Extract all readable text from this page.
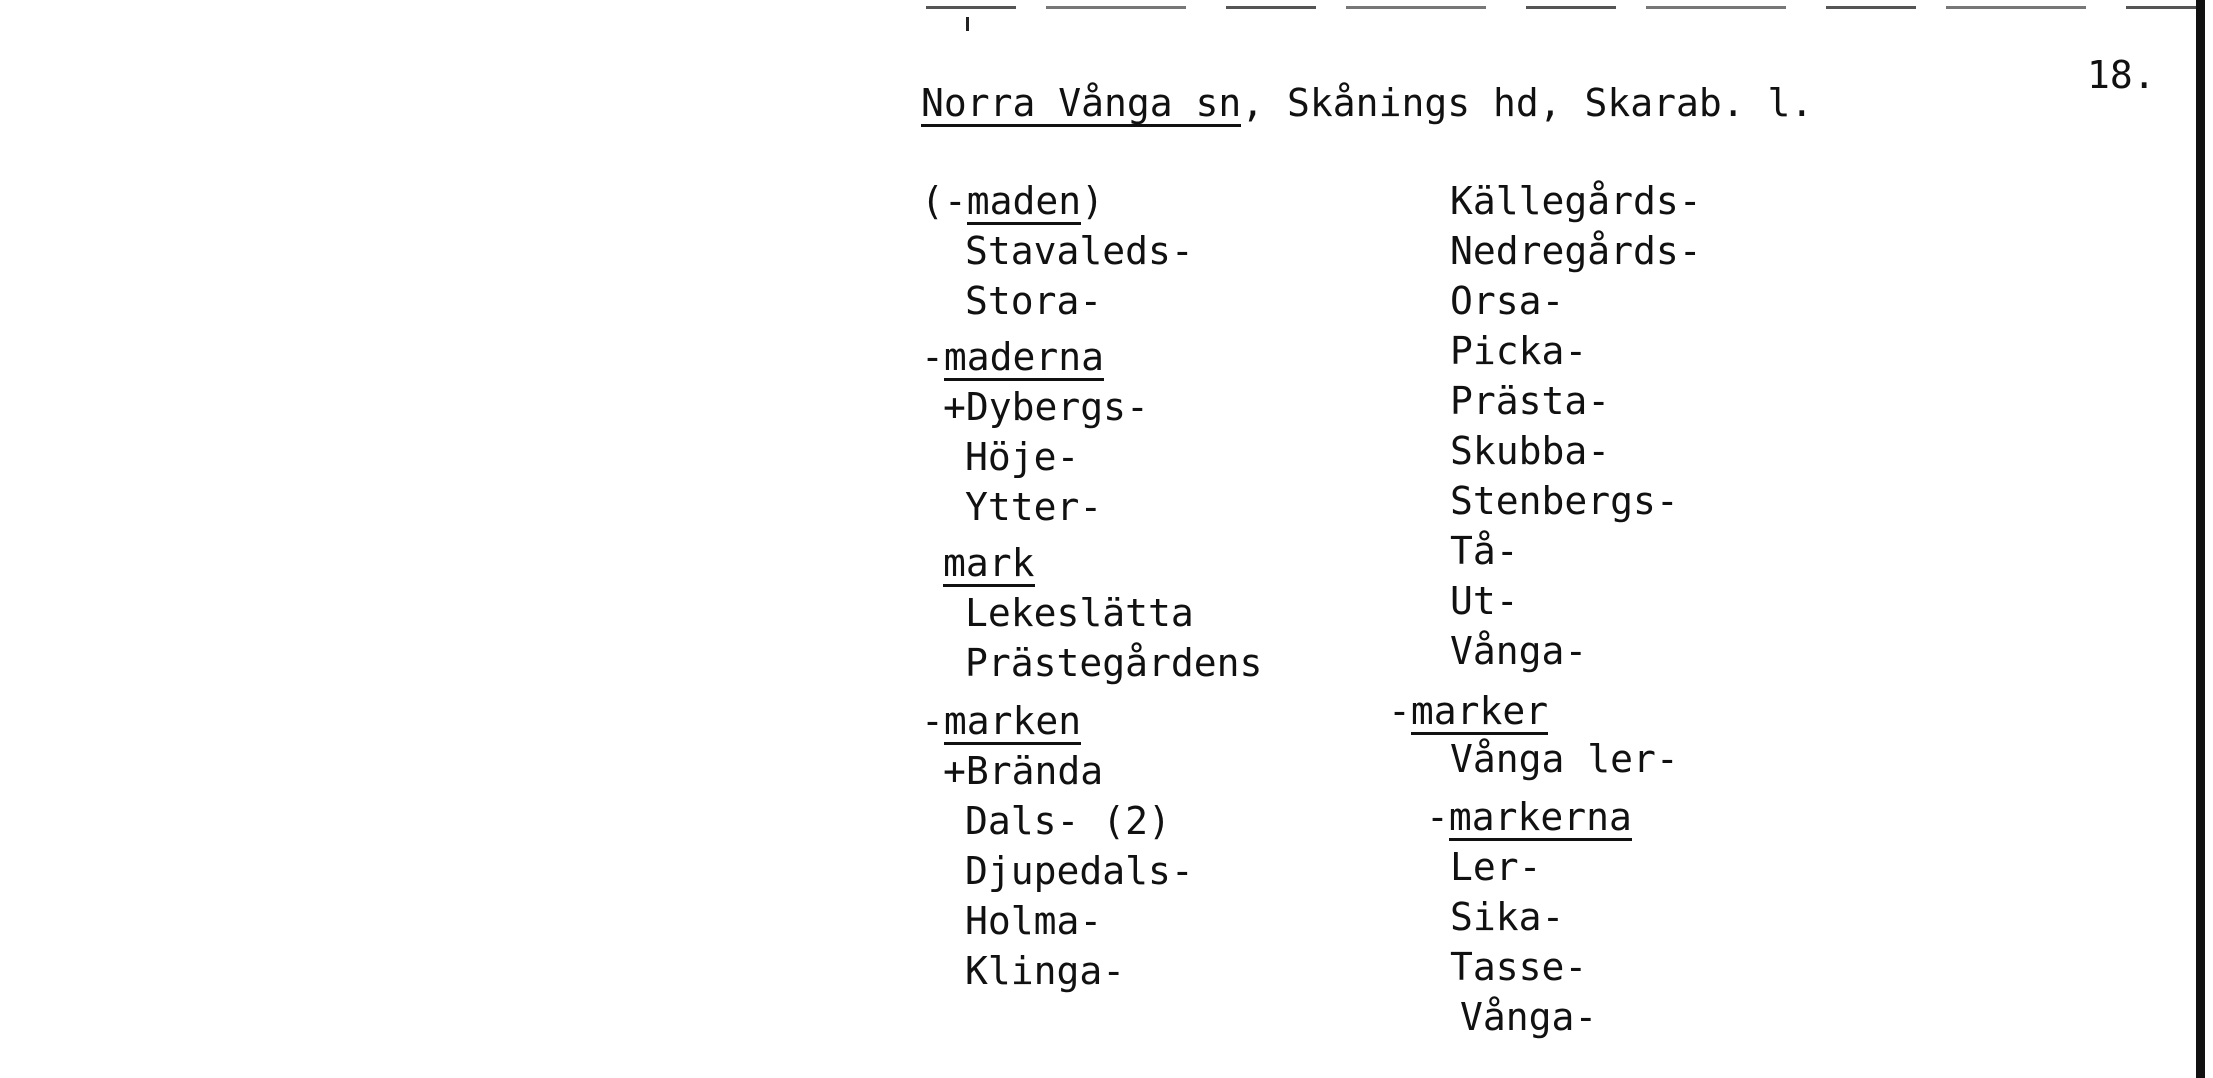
Norra Vånga sn, Skånings hd, Skarab. l.
18.
(-maden)
Stavaleds-
Stora-
-maderna
+Dybergs-
Höje-
Ytter-
mark
Lekeslätta
Prästegårdens
-marken
+Brända
Dals- (2)
Djupedals-
Holma-
Klinga-
Källegårds-
Nedregårds-
Orsa-
Picka-
Prästa-
Skubba-
Stenbergs-
Tå-
Ut-
Vånga-
-marker
Vånga ler-
-markerna
Ler-
Sika-
Tasse-
Vånga-
